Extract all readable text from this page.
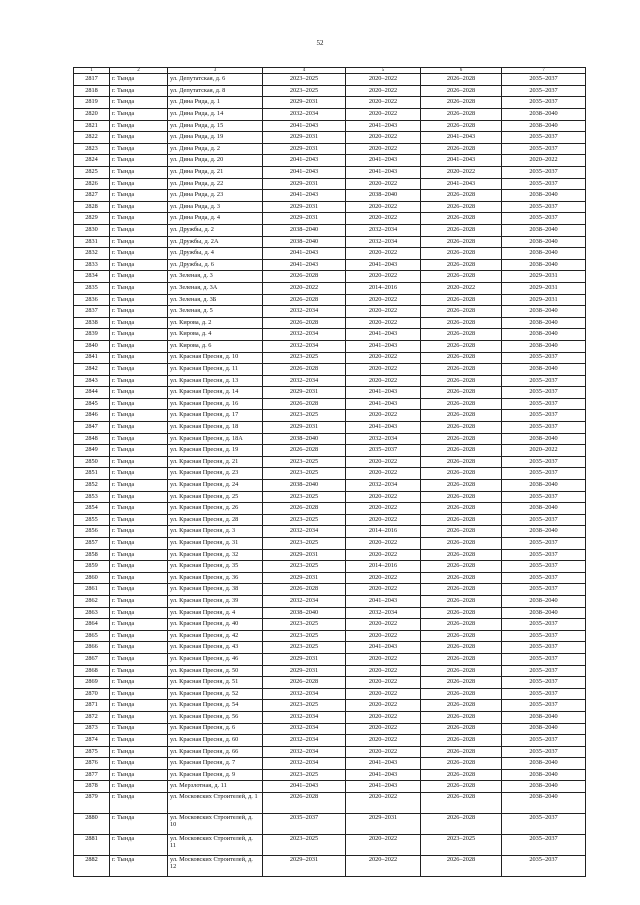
52
1	2	3	4	5	6	7
2817	г. Тында	ул. Депутатская, д. 6	2023–2025	2020–2022	2026–2028	2035–2037
2818	г. Тында	ул. Депутатская, д. 8	2023–2025	2020–2022	2026–2028	2035–2037
2819	г. Тында	ул. Дина Рида, д. 1	2029–2031	2020–2022	2026–2028	2035–2037
2820	г. Тында	ул. Дина Рида, д. 14	2032–2034	2020–2022	2026–2028	2038–2040
2821	г. Тында	ул. Дина Рида, д. 15	2041–2043	2041–2043	2026–2028	2038–2040
2822	г. Тында	ул. Дина Рида, д. 19	2029–2031	2020–2022	2041–2043	2035–2037
2823	г. Тында	ул. Дина Рида, д. 2	2029–2031	2020–2022	2026–2028	2035–2037
2824	г. Тында	ул. Дина Рида, д. 20	2041–2043	2041–2043	2041–2043	2020–2022
2825	г. Тында	ул. Дина Рида, д. 21	2041–2043	2041–2043	2020–2022	2035–2037
2826	г. Тында	ул. Дина Рида, д. 22	2029–2031	2020–2022	2041–2043	2035–2037
2827	г. Тында	ул. Дина Рида, д. 23	2041–2043	2038–2040	2026–2028	2038–2040
2828	г. Тында	ул. Дина Рида, д. 3	2029–2031	2020–2022	2026–2028	2035–2037
2829	г. Тында	ул. Дина Рида, д. 4	2029–2031	2020–2022	2026–2028	2035–2037
2830	г. Тында	ул. Дружбы, д. 2	2038–2040	2032–2034	2026–2028	2038–2040
2831	г. Тында	ул. Дружбы, д. 2А	2038–2040	2032–2034	2026–2028	2038–2040
2832	г. Тында	ул. Дружбы, д. 4	2041–2043	2020–2022	2026–2028	2038–2040
2833	г. Тында	ул. Дружбы, д. 6	2041–2043	2041–2043	2026–2028	2038–2040
2834	г. Тында	ул. Зеленая, д. 3	2026–2028	2020–2022	2026–2028	2029–2031
2835	г. Тында	ул. Зеленая, д. 3А	2020–2022	2014–2016	2020–2022	2029–2031
2836	г. Тында	ул. Зеленая, д. 3Б	2026–2028	2020–2022	2026–2028	2029–2031
2837	г. Тында	ул. Зеленая, д. 5	2032–2034	2020–2022	2026–2028	2038–2040
2838	г. Тында	ул. Кирова, д. 2	2026–2028	2020–2022	2026–2028	2038–2040
2839	г. Тында	ул. Кирова, д. 4	2032–2034	2041–2043	2026–2028	2038–2040
2840	г. Тында	ул. Кирова, д. 6	2032–2034	2041–2043	2026–2028	2038–2040
2841	г. Тында	ул. Красная Пресня, д. 10	2023–2025	2020–2022	2026–2028	2035–2037
2842	г. Тында	ул. Красная Пресня, д. 11	2026–2028	2020–2022	2026–2028	2038–2040
2843	г. Тында	ул. Красная Пресня, д. 13	2032–2034	2020–2022	2026–2028	2035–2037
2844	г. Тында	ул. Красная Пресня, д. 14	2029–2031	2041–2043	2026–2028	2035–2037
2845	г. Тында	ул. Красная Пресня, д. 16	2026–2028	2041–2043	2026–2028	2035–2037
2846	г. Тында	ул. Красная Пресня, д. 17	2023–2025	2020–2022	2026–2028	2035–2037
2847	г. Тында	ул. Красная Пресня, д. 18	2029–2031	2041–2043	2026–2028	2035–2037
2848	г. Тында	ул. Красная Пресня, д. 18А	2038–2040	2032–2034	2026–2028	2038–2040
2849	г. Тында	ул. Красная Пресня, д. 19	2026–2028	2035–2037	2026–2028	2020–2022
2850	г. Тында	ул. Красная Пресня, д. 21	2023–2025	2020–2022	2026–2028	2035–2037
2851	г. Тында	ул. Красная Пресня, д. 23	2023–2025	2020–2022	2026–2028	2035–2037
2852	г. Тында	ул. Красная Пресня, д. 24	2038–2040	2032–2034	2026–2028	2038–2040
2853	г. Тында	ул. Красная Пресня, д. 25	2023–2025	2020–2022	2026–2028	2035–2037
2854	г. Тында	ул. Красная Пресня, д. 26	2026–2028	2020–2022	2026–2028	2038–2040
2855	г. Тында	ул. Красная Пресня, д. 28	2023–2025	2020–2022	2026–2028	2035–2037
2856	г. Тында	ул. Красная Пресня, д. 3	2032–2034	2014–2016	2026–2028	2038–2040
2857	г. Тында	ул. Красная Пресня, д. 31	2023–2025	2020–2022	2026–2028	2035–2037
2858	г. Тында	ул. Красная Пресня, д. 32	2029–2031	2020–2022	2026–2028	2035–2037
2859	г. Тында	ул. Красная Пресня, д. 35	2023–2025	2014–2016	2026–2028	2035–2037
2860	г. Тында	ул. Красная Пресня, д. 36	2029–2031	2020–2022	2026–2028	2035–2037
2861	г. Тында	ул. Красная Пресня, д. 38	2026–2028	2020–2022	2026–2028	2035–2037
2862	г. Тында	ул. Красная Пресня, д. 39	2032–2034	2041–2043	2026–2028	2038–2040
2863	г. Тында	ул. Красная Пресня, д. 4	2038–2040	2032–2034	2026–2028	2038–2040
2864	г. Тында	ул. Красная Пресня, д. 40	2023–2025	2020–2022	2026–2028	2035–2037
2865	г. Тында	ул. Красная Пресня, д. 42	2023–2025	2020–2022	2026–2028	2035–2037
2866	г. Тында	ул. Красная Пресня, д. 43	2023–2025	2041–2043	2026–2028	2035–2037
2867	г. Тында	ул. Красная Пресня, д. 46	2029–2031	2020–2022	2026–2028	2035–2037
2868	г. Тында	ул. Красная Пресня, д. 50	2029–2031	2020–2022	2026–2028	2035–2037
2869	г. Тында	ул. Красная Пресня, д. 51	2026–2028	2020–2022	2026–2028	2035–2037
2870	г. Тында	ул. Красная Пресня, д. 52	2032–2034	2020–2022	2026–2028	2035–2037
2871	г. Тында	ул. Красная Пресня, д. 54	2023–2025	2020–2022	2026–2028	2035–2037
2872	г. Тында	ул. Красная Пресня, д. 56	2032–2034	2020–2022	2026–2028	2038–2040
2873	г. Тында	ул. Красная Пресня, д. 6	2032–2034	2020–2022	2026–2028	2038–2040
2874	г. Тында	ул. Красная Пресня, д. 60	2032–2034	2020–2022	2026–2028	2035–2037
2875	г. Тында	ул. Красная Пресня, д. 66	2032–2034	2020–2022	2026–2028	2035–2037
2876	г. Тында	ул. Красная Пресня, д. 7	2032–2034	2041–2043	2026–2028	2038–2040
2877	г. Тында	ул. Красная Пресня, д. 9	2023–2025	2041–2043	2026–2028	2038–2040
2878	г. Тында	ул. Мерзлотная, д. 11	2041–2043	2041–2043	2026–2028	2038–2040
2879	г. Тында	ул. Московских Строителей, д. 1	2026–2028	2020–2022	2026–2028	2038–2040
2880	г. Тында	ул. Московских Строителей, д. 10	2035–2037	2029–2031	2026–2028	2035–2037
2881	г. Тында	ул. Московских Строителей, д. 11	2023–2025	2020–2022	2023–2025	2035–2037
2882	г. Тында	ул. Московских Строителей, д. 12	2029–2031	2020–2022	2026–2028	2035–2037
